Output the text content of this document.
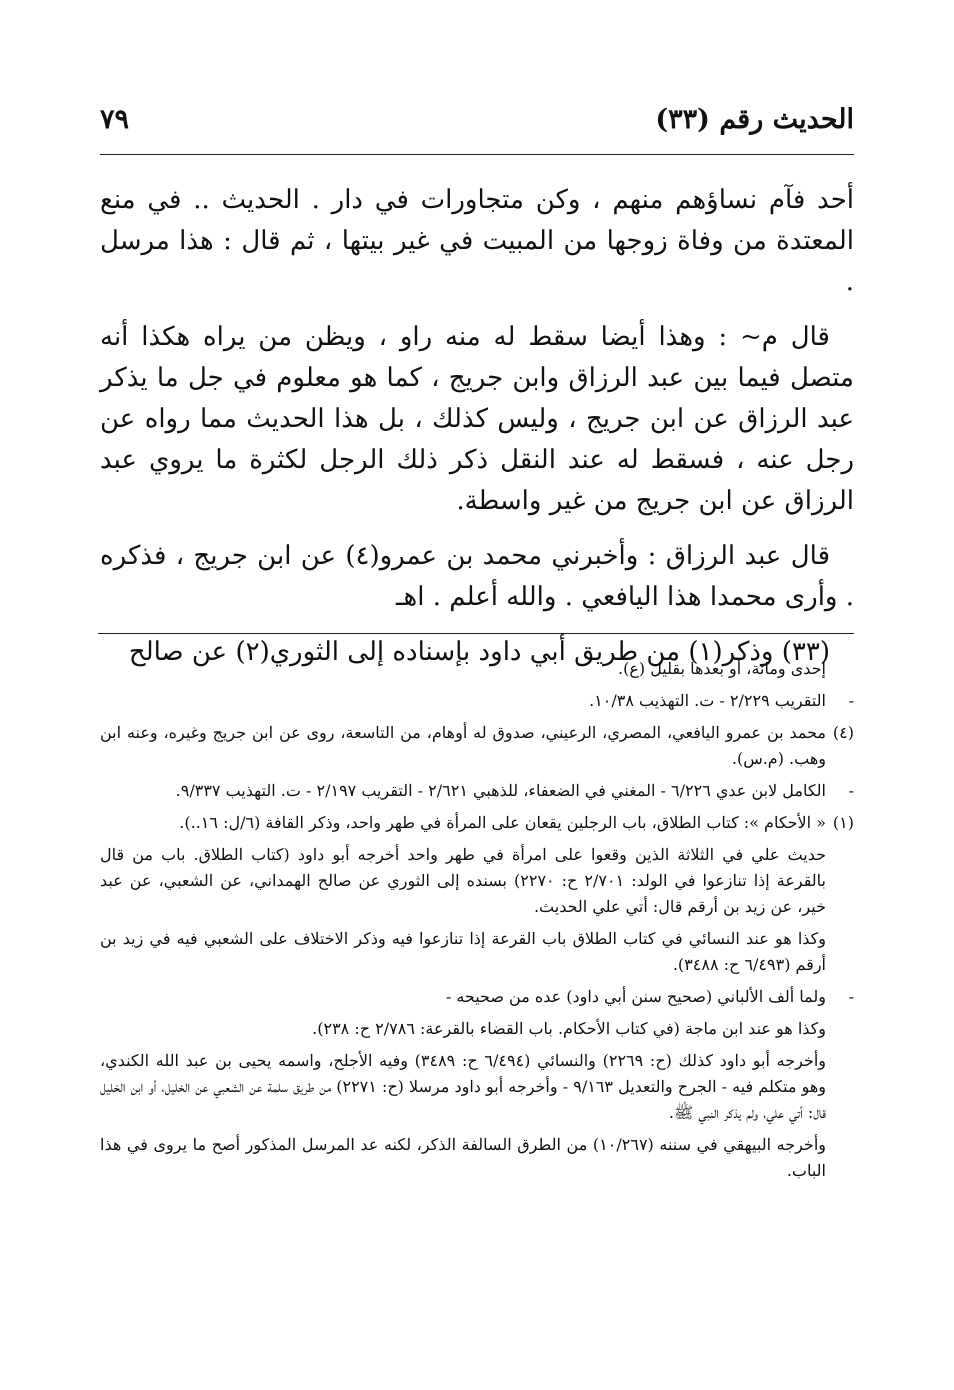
الحديث رقم (٣٣)
٧٩

أحد فآم نساؤهم منهم ، وكن متجاورات في دار . الحديث .. في منع المعتدة من وفاة زوجها من المبيت في غير بيتها ، ثم قال : هذا مرسل .

قال م~ : وهذا أيضا سقط له منه راو ، ويظن من يراه هكذا أنه متصل فيما بين عبد الرزاق وابن جريج ، كما هو معلوم في جل ما يذكر عبد الرزاق عن ابن جريج ، وليس كذلك ، بل هذا الحديث مما رواه عن رجل عنه ، فسقط له عند النقل ذكر ذلك الرجل لكثرة ما يروي عبد الرزاق عن ابن جريج من غير واسطة.

قال عبد الرزاق : وأخبرني محمد بن عمرو(٤) عن ابن جريج ، فذكره . وأرى محمدا هذا اليافعي . والله أعلم . اهـ

(٣٣) وذكر(١) من طريق أبي داود بإسناده إلى الثوري(٢) عن صالح

إحدى ومائة، أو بعدها بقليل (ع).
-
التقريب ٢/٢٢٩ - ت. التهذيب ١٠/٣٨.
(٤)
محمد بن عمرو اليافعي، المصري، الرعيني، صدوق له أوهام، من التاسعة، روى عن ابن جريج وغيره، وعنه ابن وهب. (م.س).
-
الكامل لابن عدي ٦/٢٢٦ - المغني في الضعفاء، للذهبي ٢/٦٢١ - التقريب ٢/١٩٧ - ت. التهذيب ٩/٣٣٧.
(١)
« الأحكام »: كتاب الطلاق، باب الرجلين يقعان على المرأة في طهر واحد، وذكر القافة (٦/ل: ١٦..).
حديث علي في الثلاثة الذين وقعوا على امرأة في طهر واحد أخرجه أبو داود (كتاب الطلاق. باب من قال بالقرعة إذا تنازعوا في الولد: ٢/٧٠١ ح: ٢٢٧٠) بسنده إلى الثوري عن صالح الهمداني، عن الشعبي، عن عبد خير، عن زيد بن أرقم قال: أتي علي الحديث.
وكذا هو عند النسائي في كتاب الطلاق باب القرعة إذا تنازعوا فيه وذكر الاختلاف على الشعبي فيه في زيد بن أرقم (٦/٤٩٣ ح: ٣٤٨٨).
-
ولما ألف الألباني (صحيح سنن أبي داود) عده من صحيحه -
وكذا هو عند ابن ماجة (في كتاب الأحكام. باب القضاء بالقرعة: ٢/٧٨٦ ح: ٢٣٨).
وأخرجه أبو داود كذلك (ح: ٢٢٦٩) والنسائي (٦/٤٩٤ ح: ٣٤٨٩) وفيه الأجلح، واسمه يحيى بن عبد الله الكندي، وهو متكلم فيه - الجرح والتعديل ٩/١٦٣ - وأخرجه أبو داود مرسلا (ح: ٢٢٧١) من طريق سلمة عن الشعبي عن الخليل، أو ابن الخليل قال: أتي علي، ولم يذكر النبي ﷺ.
وأخرجه البيهقي في سننه (١٠/٢٦٧) من الطرق السالفة الذكر، لكنه عد المرسل المذكور أصح ما يروى في هذا الباب.
